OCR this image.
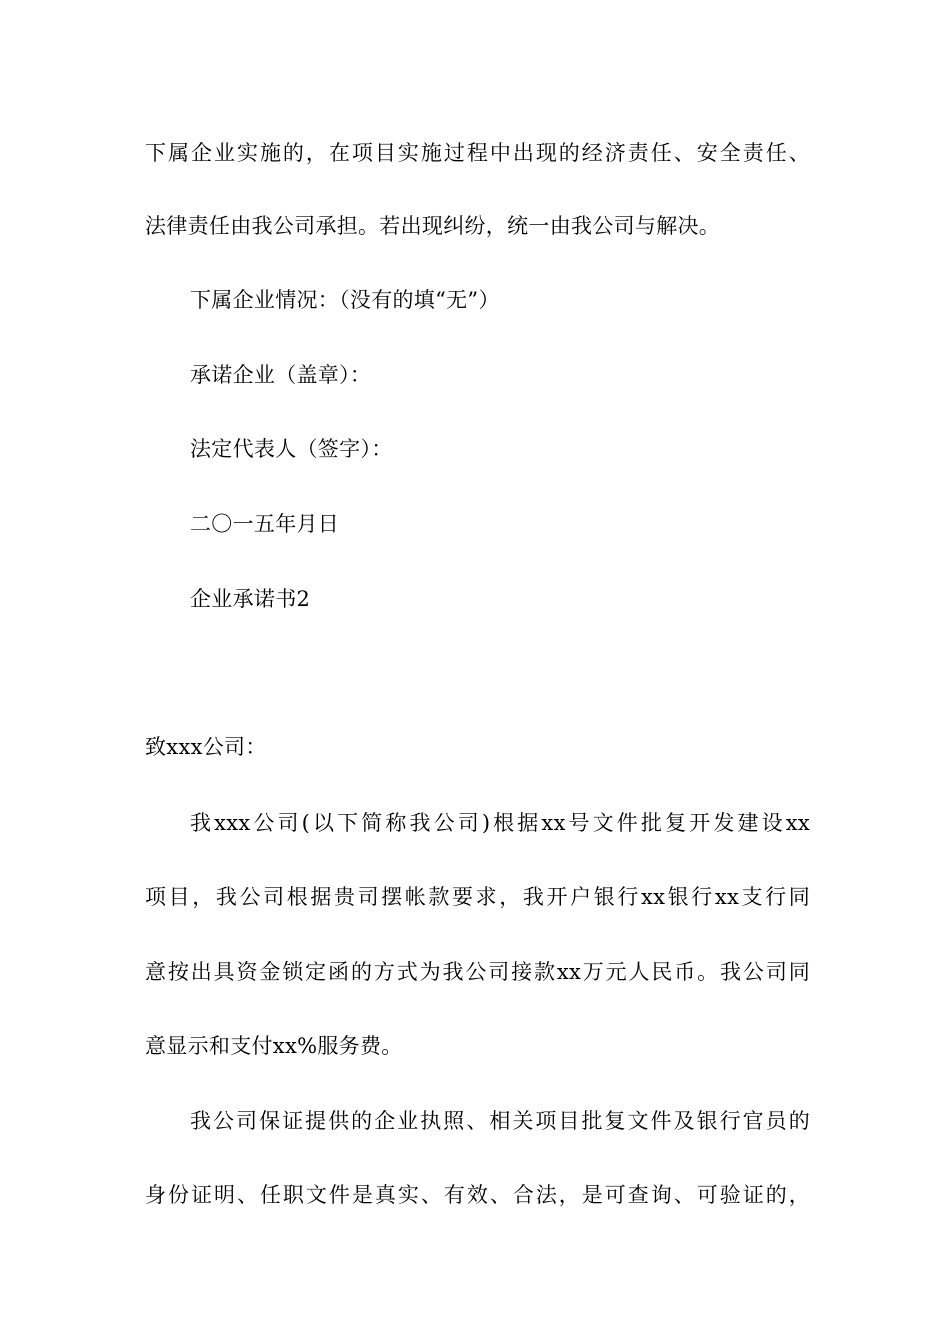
下属企业实施的，在项目实施过程中出现的经济责任、安全责任、
法律责任由我公司承担。若出现纠纷，统一由我公司与解决。
下属企业情况：（没有的填“无”）
承诺企业（盖章）：
法定代表人（签字）：
二〇一五年月日
企业承诺书2
致xxx公司：
我xxx公司(以下简称我公司)根据xx号文件批复开发建设xx
项目，我公司根据贵司摆帐款要求，我开户银行xx银行xx支行同
意按出具资金锁定函的方式为我公司接款xx万元人民币。我公司同
意显示和支付xx%服务费。
我公司保证提供的企业执照、相关项目批复文件及银行官员的
身份证明、任职文件是真实、有效、合法，是可查询、可验证的，
